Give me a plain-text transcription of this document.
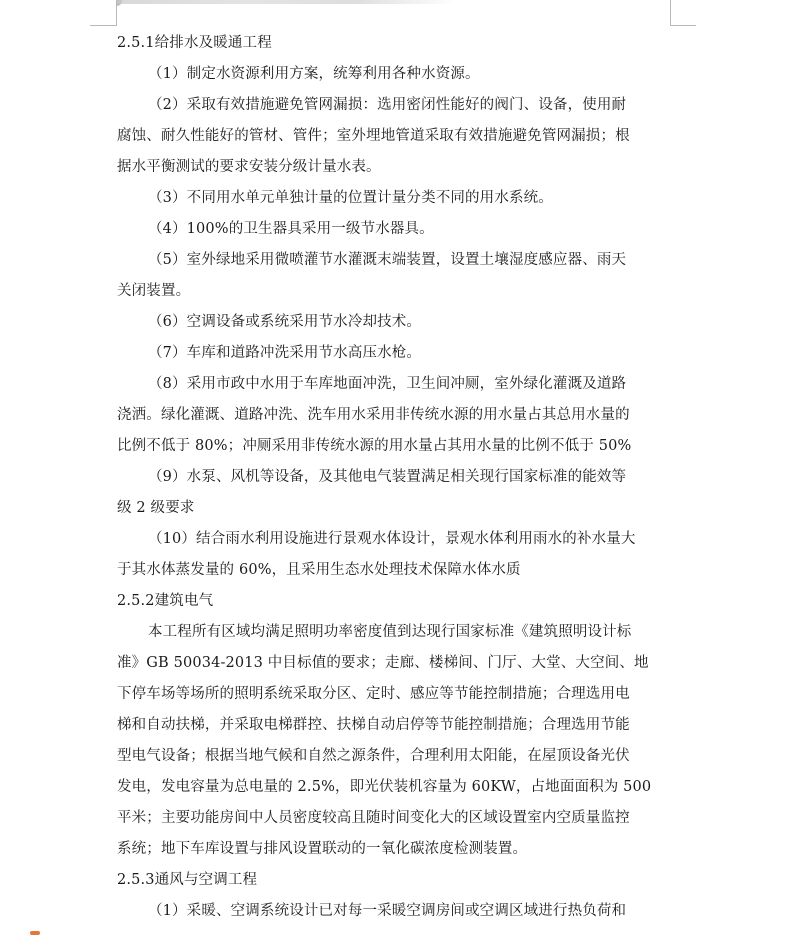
2.5.1给排水及暖通工程
（1）制定水资源利用方案，统筹利用各种水资源。
（2）采取有效措施避免管网漏损：选用密闭性能好的阀门、设备，使用耐
腐蚀、耐久性能好的管材、管件；室外埋地管道采取有效措施避免管网漏损；根
据水平衡测试的要求安装分级计量水表。
（3）不同用水单元单独计量的位置计量分类不同的用水系统。
（4）100%的卫生器具采用一级节水器具。
（5）室外绿地采用微喷灌节水灌溉末端装置，设置土壤湿度感应器、雨天
关闭装置。
（6）空调设备或系统采用节水冷却技术。
（7）车库和道路冲洗采用节水高压水枪。
（8）采用市政中水用于车库地面冲洗，卫生间冲厕，室外绿化灌溉及道路
浇洒。绿化灌溉、道路冲洗、洗车用水采用非传统水源的用水量占其总用水量的
比例不低于 80%；冲厕采用非传统水源的用水量占其用水量的比例不低于 50%
（9）水泵、风机等设备，及其他电气装置满足相关现行国家标准的能效等
级 2 级要求
（10）结合雨水利用设施进行景观水体设计，景观水体利用雨水的补水量大
于其水体蒸发量的 60%，且采用生态水处理技术保障水体水质
2.5.2建筑电气
本工程所有区域均满足照明功率密度值到达现行国家标准《建筑照明设计标
准》GB 50034-2013 中目标值的要求；走廊、楼梯间、门厅、大堂、大空间、地
下停车场等场所的照明系统采取分区、定时、感应等节能控制措施；合理选用电
梯和自动扶梯，并采取电梯群控、扶梯自动启停等节能控制措施；合理选用节能
型电气设备；根据当地气候和自然之源条件，合理利用太阳能，在屋顶设备光伏
发电，发电容量为总电量的 2.5%，即光伏装机容量为 60KW，占地面面积为 500
平米；主要功能房间中人员密度较高且随时间变化大的区域设置室内空质量监控
系统；地下车库设置与排风设置联动的一氧化碳浓度检测装置。
2.5.3通风与空调工程
（1）采暖、空调系统设计已对每一采暖空调房间或空调区域进行热负荷和
